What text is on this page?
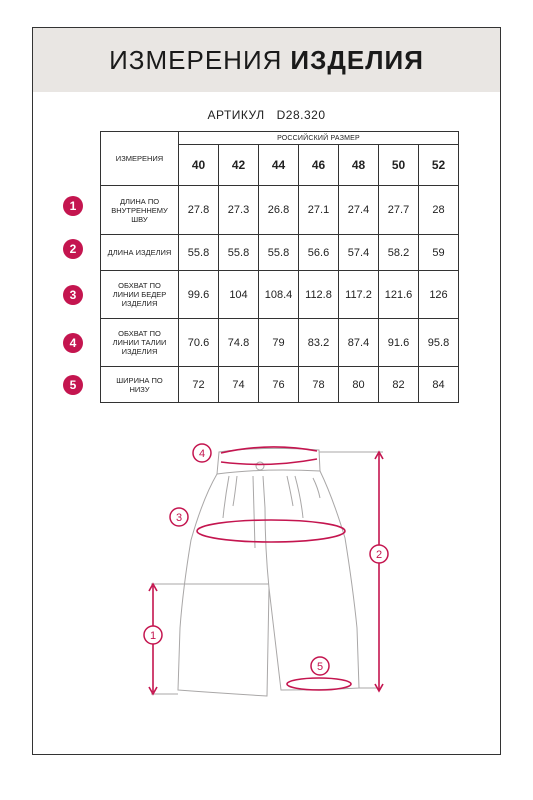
ИЗМЕРЕНИЯ ИЗДЕЛИЯ
АРТИКУЛ D28.320
ИЗМЕРЕНИЯ	РОССИЙСКИЙ РАЗМЕР						
	40	42	44	46	48	50	52
ДЛИНА ПО ВНУТРЕННЕМУ ШВУ	27.8	27.3	26.8	27.1	27.4	27.7	28
ДЛИНА ИЗДЕЛИЯ	55.8	55.8	55.8	56.6	57.4	58.2	59
ОБХВАТ ПО ЛИНИИ БЕДЕР ИЗДЕЛИЯ	99.6	104	108.4	112.8	117.2	121.6	126
ОБХВАТ ПО ЛИНИИ ТАЛИИ ИЗДЕЛИЯ	70.6	74.8	79	83.2	87.4	91.6	95.8
ШИРИНА ПО НИЗУ	72	74	76	78	80	82	84
1
2
3
4
5
4
3
2
1
5
